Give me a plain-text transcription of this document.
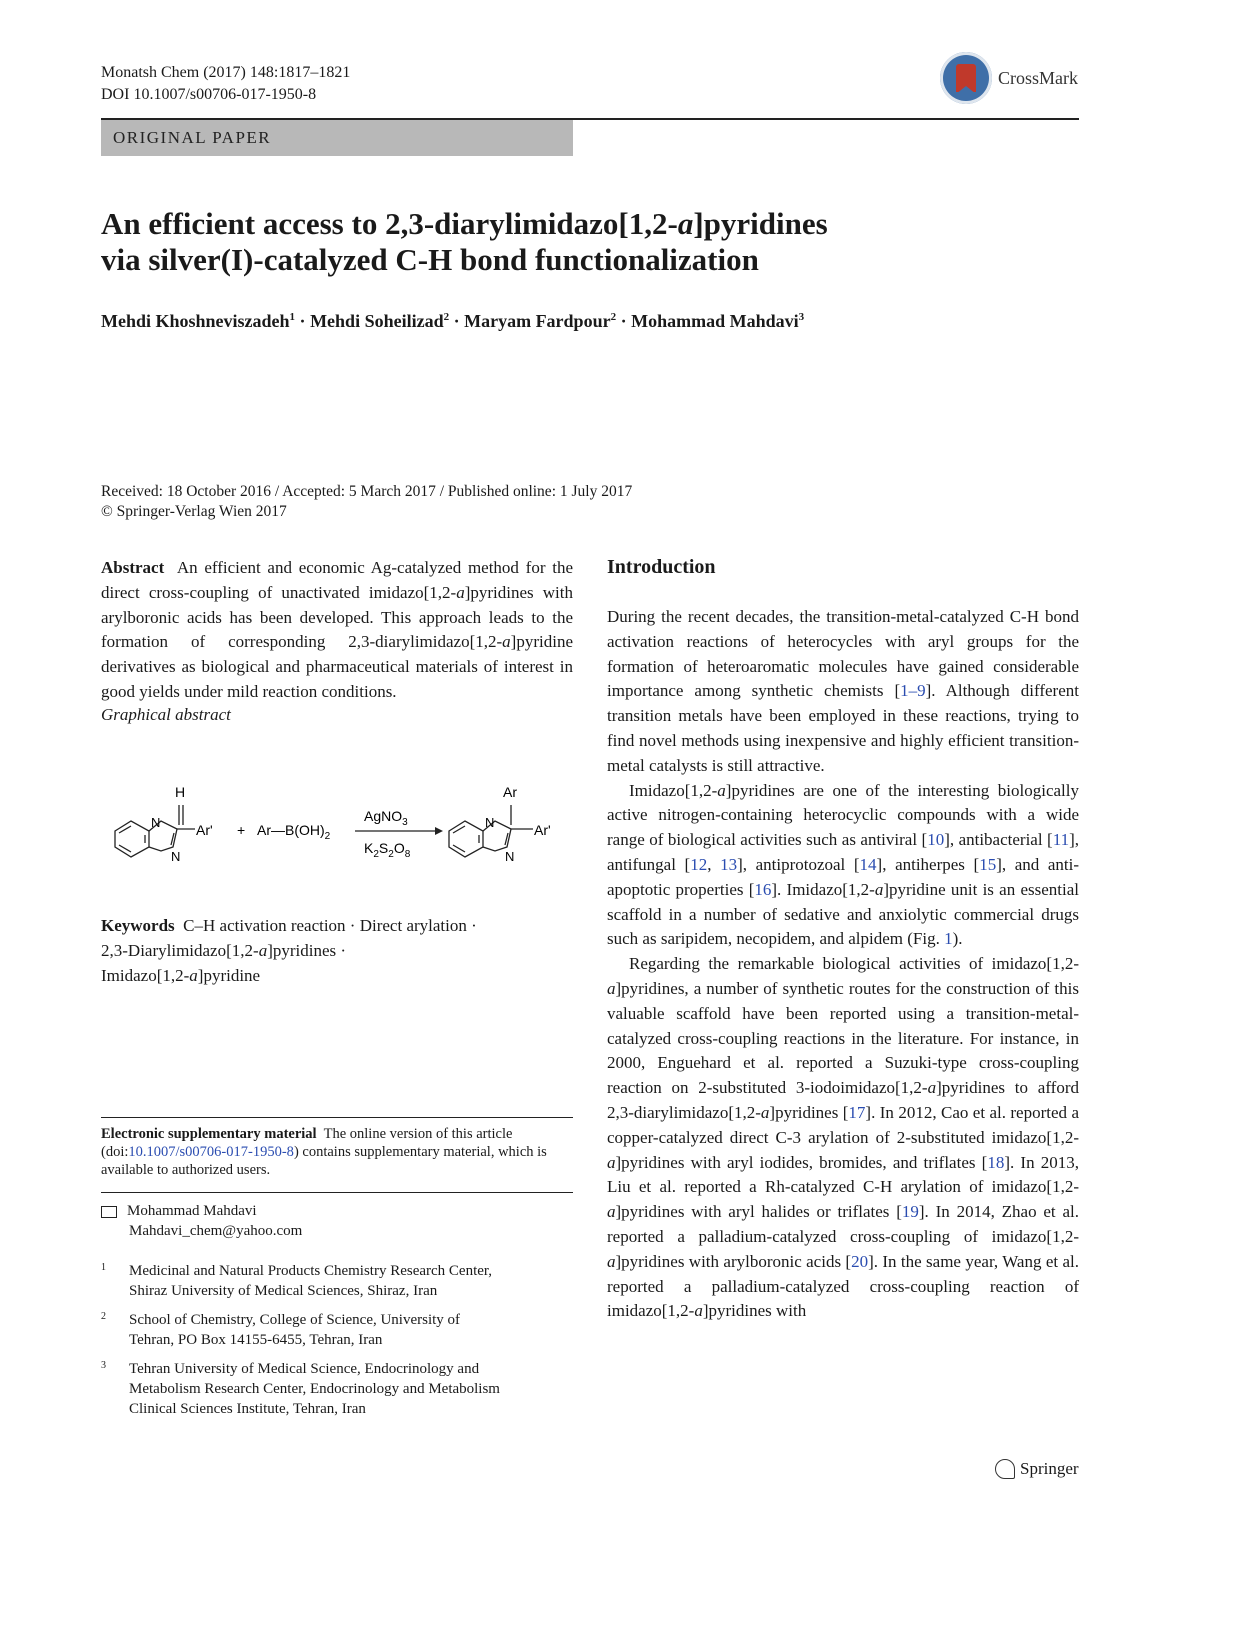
Monatsh Chem (2017) 148:1817–1821
DOI 10.1007/s00706-017-1950-8
CrossMark
ORIGINAL PAPER
An efficient access to 2,3-diarylimidazo[1,2-a]pyridines
via silver(I)-catalyzed C-H bond functionalization
Mehdi Khoshneviszadeh$^1$ · Mehdi Soheilizad$^2$ · Maryam Fardpour$^2$ · Mohammad Mahdavi$^3$
Received: 18 October 2016 / Accepted: 5 March 2017 / Published online: 1 July 2017
© Springer-Verlag Wien 2017

Abstract An efficient and economic Ag-catalyzed method for the direct cross-coupling of unactivated imidazo[1,2-a]pyridines with arylboronic acids has been developed. This approach leads to the formation of corresponding 2,3-diarylimidazo[1,2-a]pyridine derivatives as biological and pharmaceutical materials of interest in good yields under mild reaction conditions.

Graphical abstract
H
N
N
$Ar' + Ar—B(OH)_2$
AgNO$_3$
$K_2S_2O_8$
Ar
N
N
Ar'
Keywords C–H activation reaction · Direct arylation ·
2,3-Diarylimidazo[1,2-a]pyridines ·
Imidazo[1,2-a]pyridine
Electronic supplementary material The online version of this article (doi:10.1007/s00706-017-1950-8) contains supplementary material, which is available to authorized users.
Mohammad Mahdavi
Mahdavi_chem@yahoo.com
1 Medicinal and Natural Products Chemistry Research Center,
Shiraz University of Medical Sciences, Shiraz, Iran
2 School of Chemistry, College of Science, University of
Tehran, PO Box 14155-6455, Tehran, Iran
3 Tehran University of Medical Science, Endocrinology and
Metabolism Research Center, Endocrinology and Metabolism
Clinical Sciences Institute, Tehran, Iran
Introduction

During the recent decades, the transition-metal-catalyzed C-H bond activation reactions of heterocycles with aryl groups for the formation of heteroaromatic molecules have gained considerable importance among synthetic chemists [1–9]. Although different transition metals have been employed in these reactions, trying to find novel methods using inexpensive and highly efficient transition-metal catalysts is still attractive.

Imidazo[1,2-a]pyridines are one of the interesting biologically active nitrogen-containing heterocyclic compounds with a wide range of biological activities such as antiviral [10], antibacterial [11], antifungal [12, 13], antiprotozoal [14], antiherpes [15], and anti-apoptotic properties [16]. Imidazo[1,2-a]pyridine unit is an essential scaffold in a number of sedative and anxiolytic commercial drugs such as saripidem, necopidem, and alpidem (Fig. 1).

Regarding the remarkable biological activities of imidazo[1,2-a]pyridines, a number of synthetic routes for the construction of this valuable scaffold have been reported using a transition-metal-catalyzed cross-coupling reactions in the literature. For instance, in 2000, Enguehard et al. reported a Suzuki-type cross-coupling reaction on 2-substituted 3-iodoimidazo[1,2-a]pyridines to afford 2,3-diarylimidazo[1,2-a]pyridines [17]. In 2012, Cao et al. reported a copper-catalyzed direct C-3 arylation of 2-substituted imidazo[1,2-a]pyridines with aryl iodides, bromides, and triflates [18]. In 2013, Liu et al. reported a Rh-catalyzed C-H arylation of imidazo[1,2-a]pyridines with aryl halides or triflates [19]. In 2014, Zhao et al. reported a palladium-catalyzed cross-coupling of imidazo[1,2-a]pyridines with arylboronic acids [20]. In the same year, Wang et al. reported a palladium-catalyzed cross-coupling reaction of imidazo[1,2-a]pyridines with

Springer
